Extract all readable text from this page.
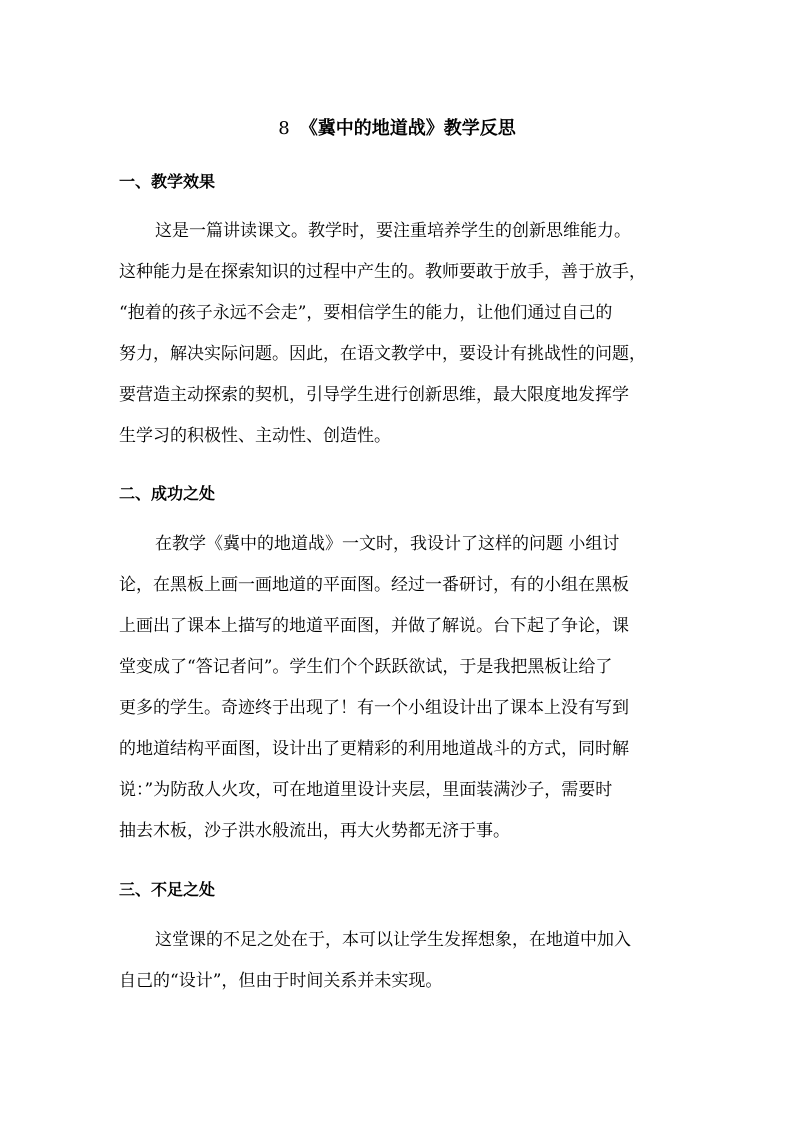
8 《冀中的地道战》教学反思
一、教学效果
这是一篇讲读课文。教学时，要注重培养学生的创新思维能力。
这种能力是在探索知识的过程中产生的。教师要敢于放手，善于放手，
“抱着的孩子永远不会走”，要相信学生的能力，让他们通过自己的
努力，解决实际问题。因此，在语文教学中，要设计有挑战性的问题，
要营造主动探索的契机，引导学生进行创新思维，最大限度地发挥学
生学习的积极性、主动性、创造性。
二、成功之处
在教学《冀中的地道战》一文时，我设计了这样的问题 小组讨
论，在黑板上画一画地道的平面图。经过一番研讨，有的小组在黑板
上画出了课本上描写的地道平面图，并做了解说。台下起了争论，课
堂变成了“答记者问”。学生们个个跃跃欲试，于是我把黑板让给了
更多的学生。奇迹终于出现了！有一个小组设计出了课本上没有写到
的地道结构平面图，设计出了更精彩的利用地道战斗的方式，同时解
说：”为防敌人火攻，可在地道里设计夹层，里面装满沙子，需要时
抽去木板，沙子洪水般流出，再大火势都无济于事。
三、不足之处
这堂课的不足之处在于，本可以让学生发挥想象，在地道中加入
自己的“设计”，但由于时间关系并未实现。
